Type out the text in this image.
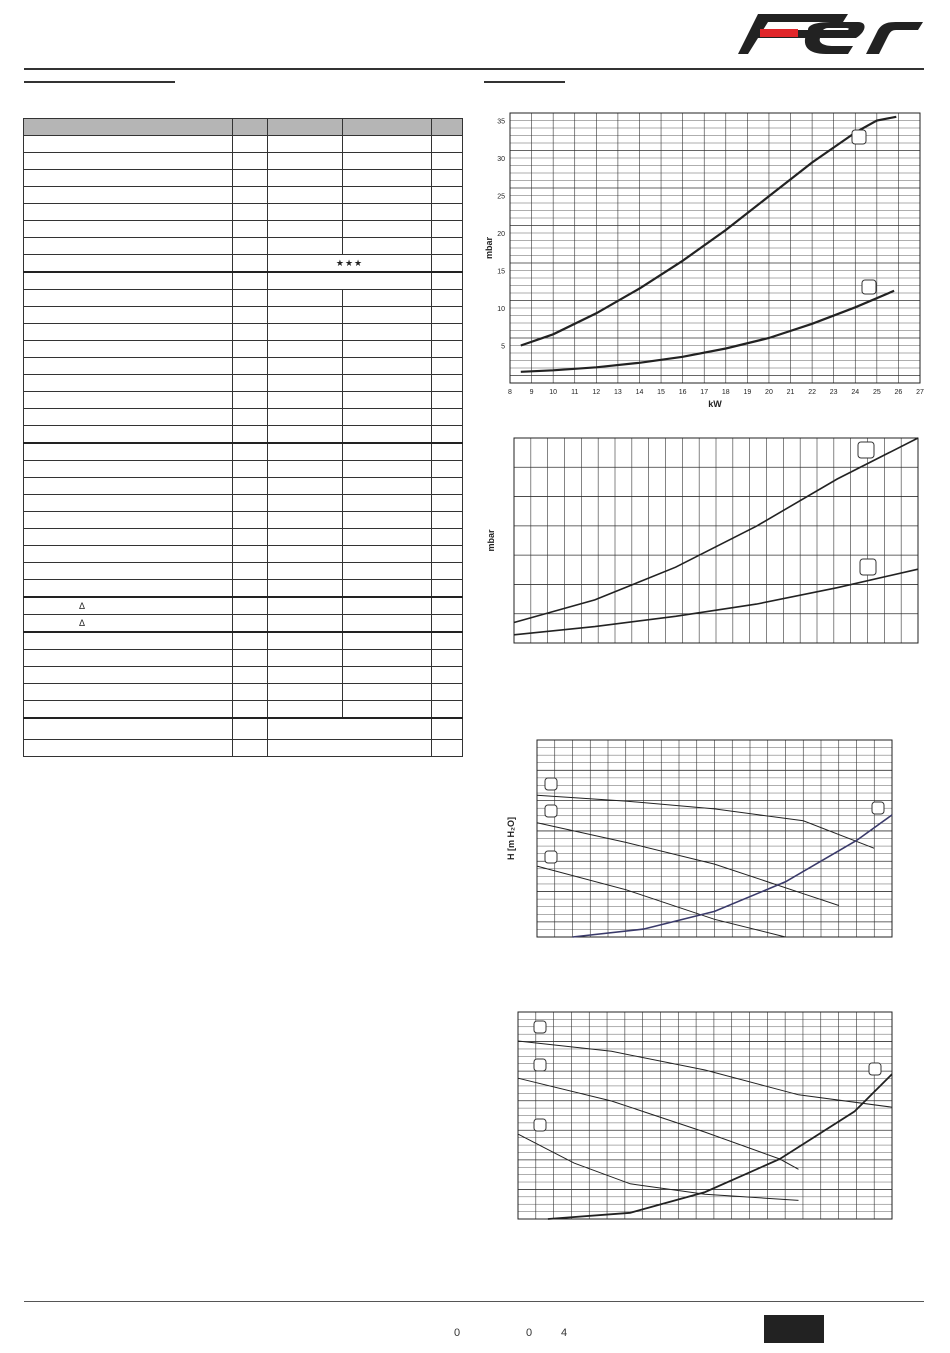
		★★★		

Δ				
Δ				

8	9 10 11 12 13 14 15 16 17 18 19 20 21 22 23 24 25 26 27
5
10
15
20
25
30
35
kW
mbar
mbar
H [m H₂O]
0	0	4
